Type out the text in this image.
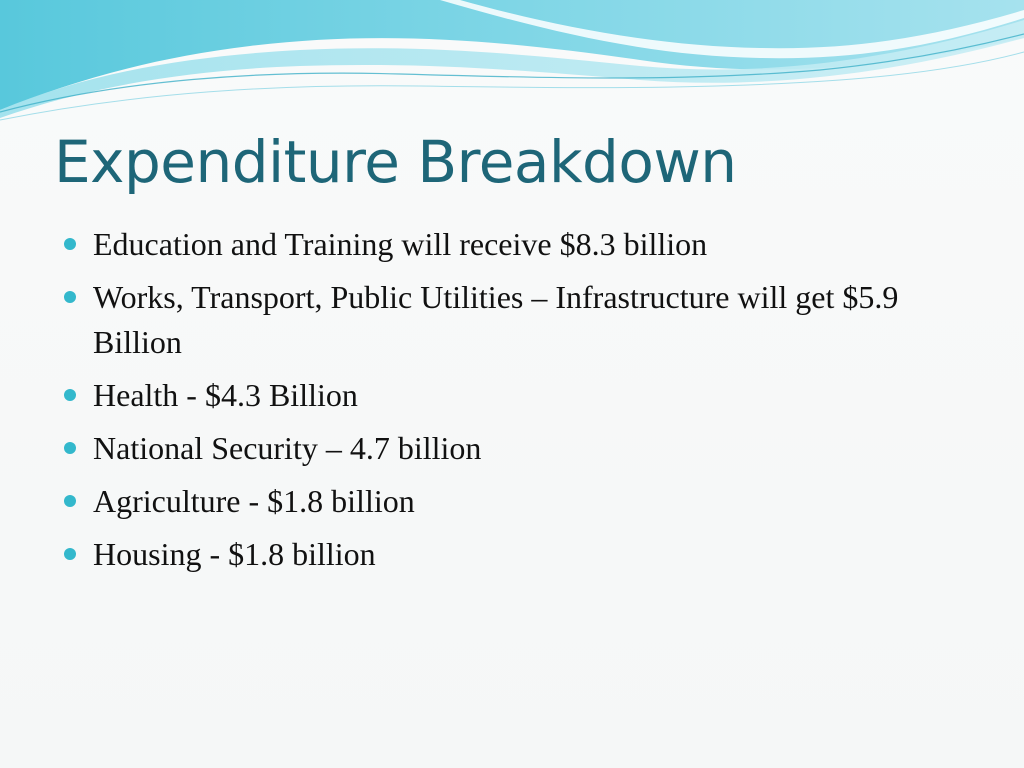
Expenditure Breakdown
Education and Training will receive $8.3 billion
Works, Transport, Public Utilities – Infrastructure will get $5.9 Billion
Health - $4.3 Billion
National Security – 4.7 billion
Agriculture - $1.8 billion
Housing - $1.8 billion
